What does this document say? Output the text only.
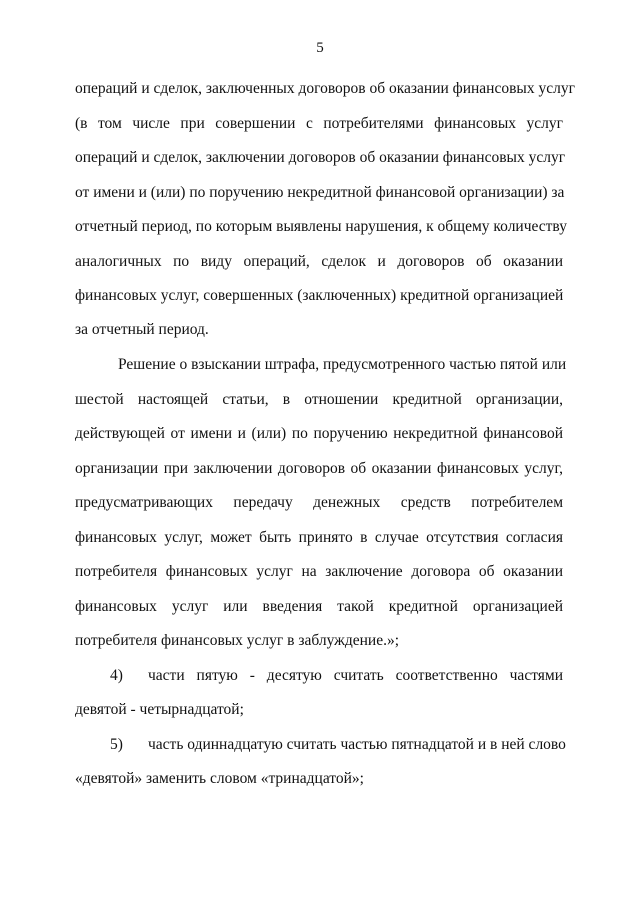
5
операций и сделок, заключенных договоров об оказании финансовых услуг
(в том числе при совершении с потребителями финансовых услуг
операций и сделок, заключении договоров об оказании финансовых услуг
от имени и (или) по поручению некредитной финансовой организации) за
отчетный период, по которым выявлены нарушения, к общему количеству
аналогичных по виду операций, сделок и договоров об оказании
финансовых услуг, совершенных (заключенных) кредитной организацией
за отчетный период.
Решение о взыскании штрафа, предусмотренного частью пятой или
шестой настоящей статьи, в отношении кредитной организации,
действующей от имени и (или) по поручению некредитной финансовой
организации при заключении договоров об оказании финансовых услуг,
предусматривающих передачу денежных средств потребителем
финансовых услуг, может быть принято в случае отсутствия согласия
потребителя финансовых услуг на заключение договора об оказании
финансовых услуг или введения такой кредитной организацией
потребителя финансовых услуг в заблуждение.»;
4) части пятую - десятую считать соответственно частями
девятой - четырнадцатой;
5) часть одиннадцатую считать частью пятнадцатой и в ней слово
«девятой» заменить словом «тринадцатой»;
